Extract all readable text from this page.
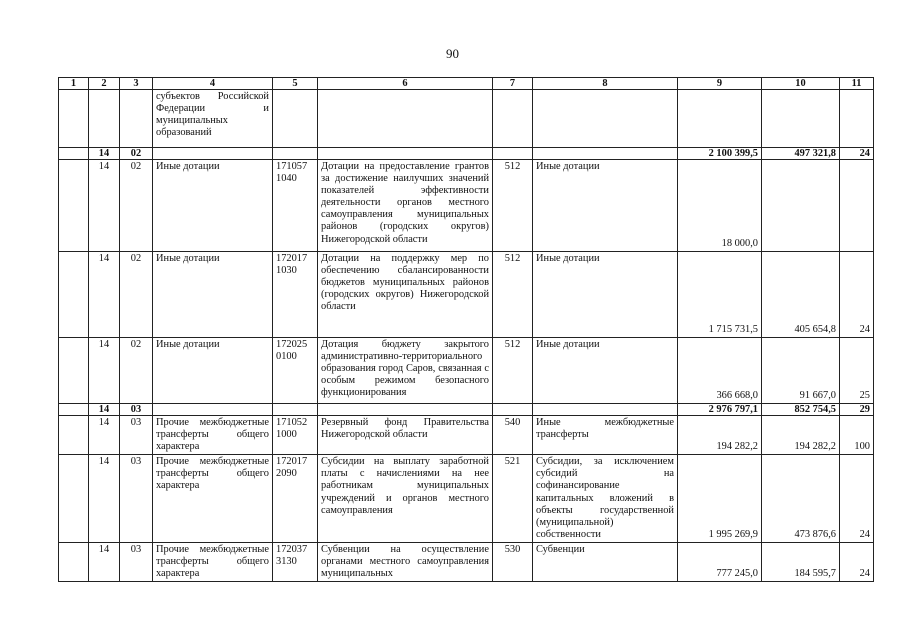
90
1	2	3	4	5	6	7	8	9	10	11
			субъектов Российской Федерации и муниципальных образований							
	14	02						2 100 399,5	497 321,8	24
	14	02	Иные дотации	171057 1040	Дотации на предоставление грантов за достижение наилучших значений показателей эффективности деятельности органов местного самоуправления муниципальных районов (городских округов) Нижегородской области	512	Иные дотации	18 000,0		
	14	02	Иные дотации	172017 1030	Дотации на поддержку мер по обеспечению сбалансированности бюджетов муниципальных районов (городских округов) Нижегородской области	512	Иные дотации	1 715 731,5	405 654,8	24
	14	02	Иные дотации	172025 0100	Дотация бюджету закрытого административно-территориального образования город Саров, связанная с особым режимом безопасного функционирования	512	Иные дотации	366 668,0	91 667,0	25
	14	03						2 976 797,1	852 754,5	29
	14	03	Прочие межбюджетные трансферты общего характера	171052 1000	Резервный фонд Правительства Нижегородской области	540	Иные межбюджетные трансферты	194 282,2	194 282,2	100
	14	03	Прочие межбюджетные трансферты общего характера	172017 2090	Субсидии на выплату заработной платы с начислениями на нее работникам муниципальных учреждений и органов местного самоуправления	521	Субсидии, за исключением субсидий на софинансирование капитальных вложений в объекты государственной (муниципальной) собственности	1 995 269,9	473 876,6	24
	14	03	Прочие межбюджетные трансферты общего характера	172037 3130	Субвенции на осуществление органами местного самоуправления муниципальных	530	Субвенции	777 245,0	184 595,7	24
